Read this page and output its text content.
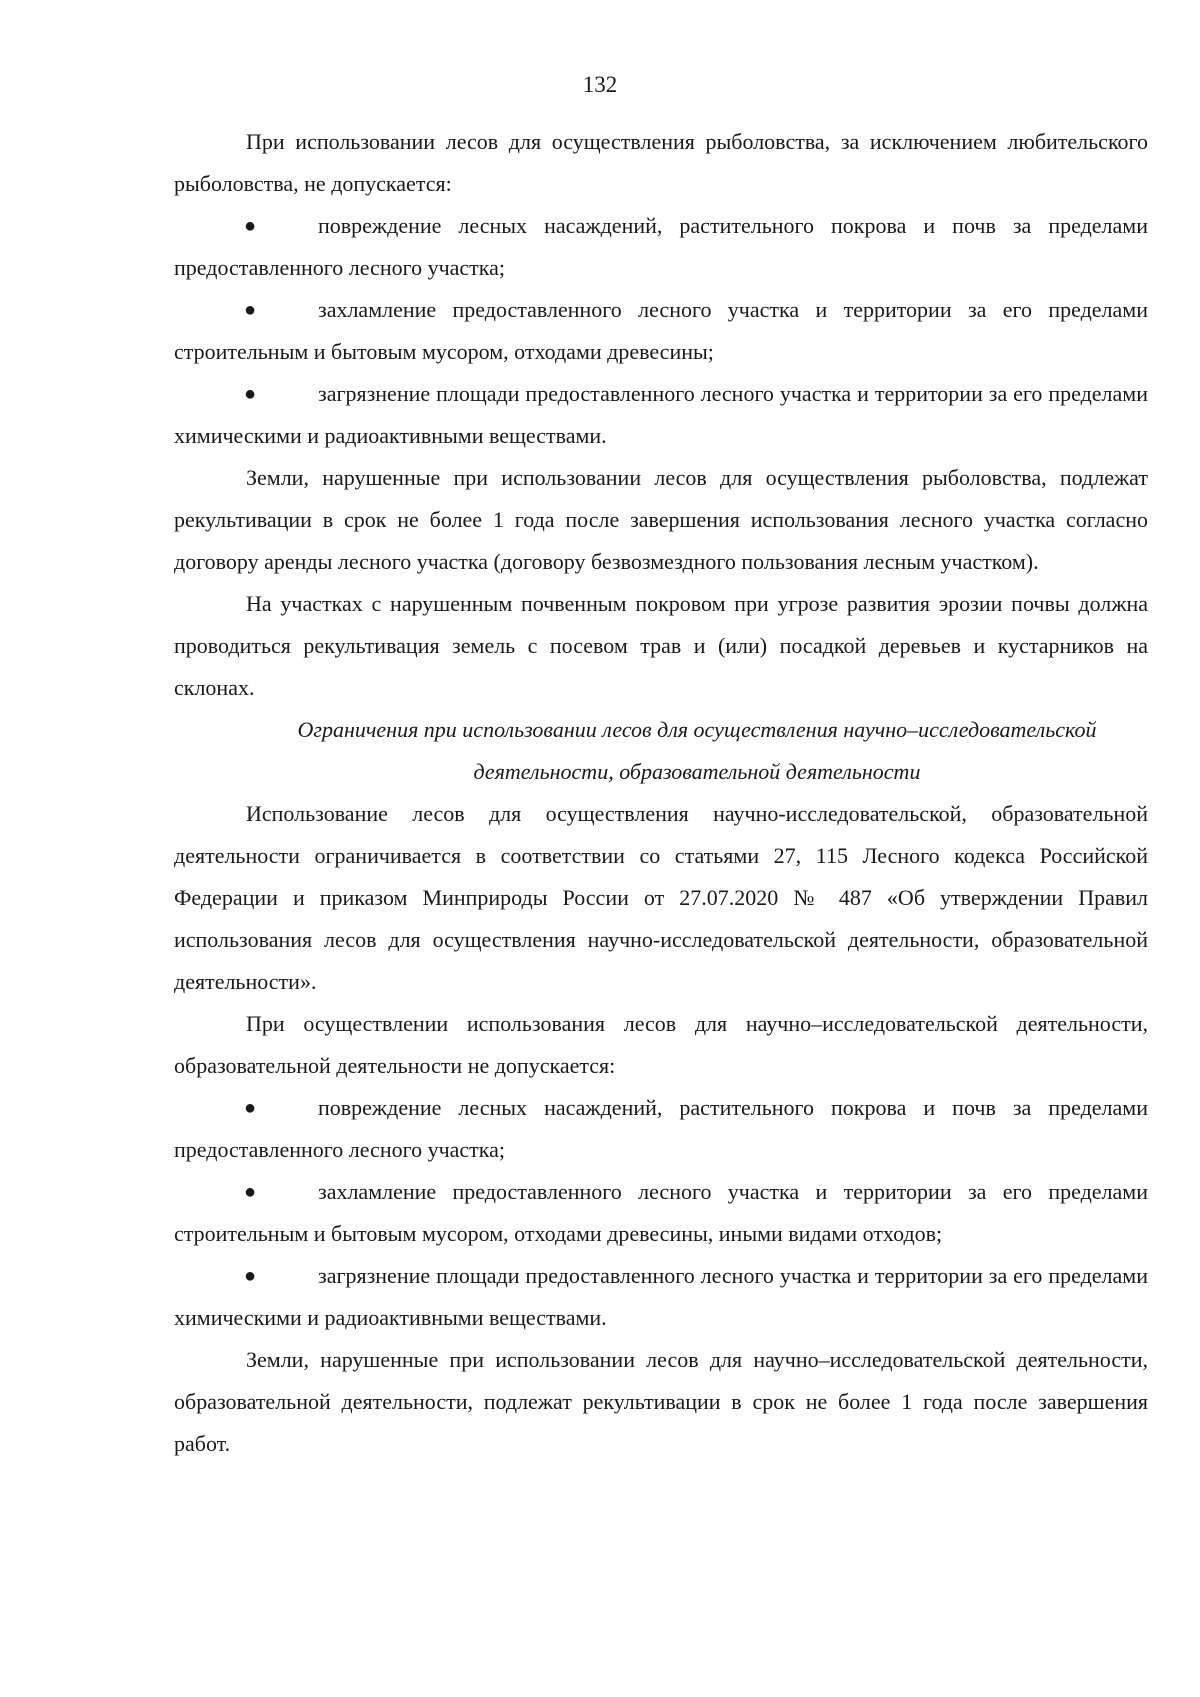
132

При использовании лесов для осуществления рыболовства, за исключением любительского рыболовства, не допускается:

●	повреждение лесных насаждений, растительного покрова и почв за пределами предоставленного лесного участка;

●	захламление предоставленного лесного участка и территории за его пределами строительным и бытовым мусором, отходами древесины;

●	загрязнение площади предоставленного лесного участка и территории за его пределами химическими и радиоактивными веществами.

Земли, нарушенные при использовании лесов для осуществления рыболовства, подлежат рекультивации в срок не более 1 года после завершения использования лесного участка согласно договору аренды лесного участка (договору безвозмездного пользования лесным участком).

На участках с нарушенным почвенным покровом при угрозе развития эрозии почвы должна проводиться рекультивация земель с посевом трав и (или) посадкой деревьев и кустарников на склонах.

Ограничения при использовании лесов для осуществления научно–исследовательской деятельности, образовательной деятельности

Использование лесов для осуществления научно-исследовательской, образовательной деятельности ограничивается в соответствии со статьями 27, 115 Лесного кодекса Российской Федерации и приказом Минприроды России от 27.07.2020 № 487 «Об утверждении Правил использования лесов для осуществления научно-исследовательской деятельности, образовательной деятельности».

При осуществлении использования лесов для научно–исследовательской деятельности, образовательной деятельности не допускается:

●	повреждение лесных насаждений, растительного покрова и почв за пределами предоставленного лесного участка;

●	захламление предоставленного лесного участка и территории за его пределами строительным и бытовым мусором, отходами древесины, иными видами отходов;

●	загрязнение площади предоставленного лесного участка и территории за его пределами химическими и радиоактивными веществами.

Земли, нарушенные при использовании лесов для научно–исследовательской деятельности, образовательной деятельности, подлежат рекультивации в срок не более 1 года после завершения работ.
